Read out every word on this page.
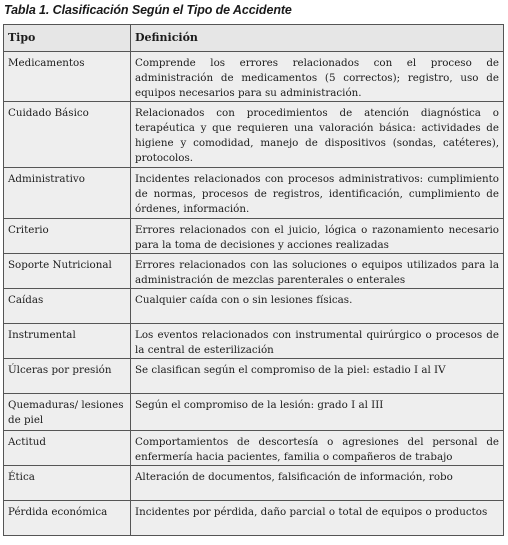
Tabla 1. Clasificación Según el Tipo de Accidente
Tipo	Definición
Medicamentos	Comprende los errores relacionados con el proceso de administración de medicamentos (5 correctos); registro, uso de equipos necesarios para su administración.
Cuidado Básico	Relacionados con procedimientos de atención diagnóstica o terapéutica y que requieren una valoración básica: actividades de higiene y comodidad, manejo de dispositivos (sondas, catéteres), protocolos.
Administrativo	Incidentes relacionados con procesos administrativos: cumplimiento de normas, procesos de registros, identificación, cumplimiento de órdenes, información.
Criterio	Errores relacionados con el juicio, lógica o razonamiento necesario para la toma de decisiones y acciones realizadas
Soporte Nutricional	Errores relacionados con las soluciones o equipos utilizados para la administración de mezclas parenterales o enterales
Caídas	Cualquier caída con o sin lesiones físicas.
Instrumental	Los eventos relacionados con instrumental quirúrgico o procesos de la central de esterilización
Úlceras por presión	Se clasifican según el compromiso de la piel: estadio I al IV
Quemaduras/ lesiones de piel	Según el compromiso de la lesión: grado I al III
Actitud	Comportamientos de descortesía o agresiones del personal de enfermería hacia pacientes, familia o compañeros de trabajo
Ética	Alteración de documentos, falsificación de información, robo
Pérdida económica	Incidentes por pérdida, daño parcial o total de equipos o productos
